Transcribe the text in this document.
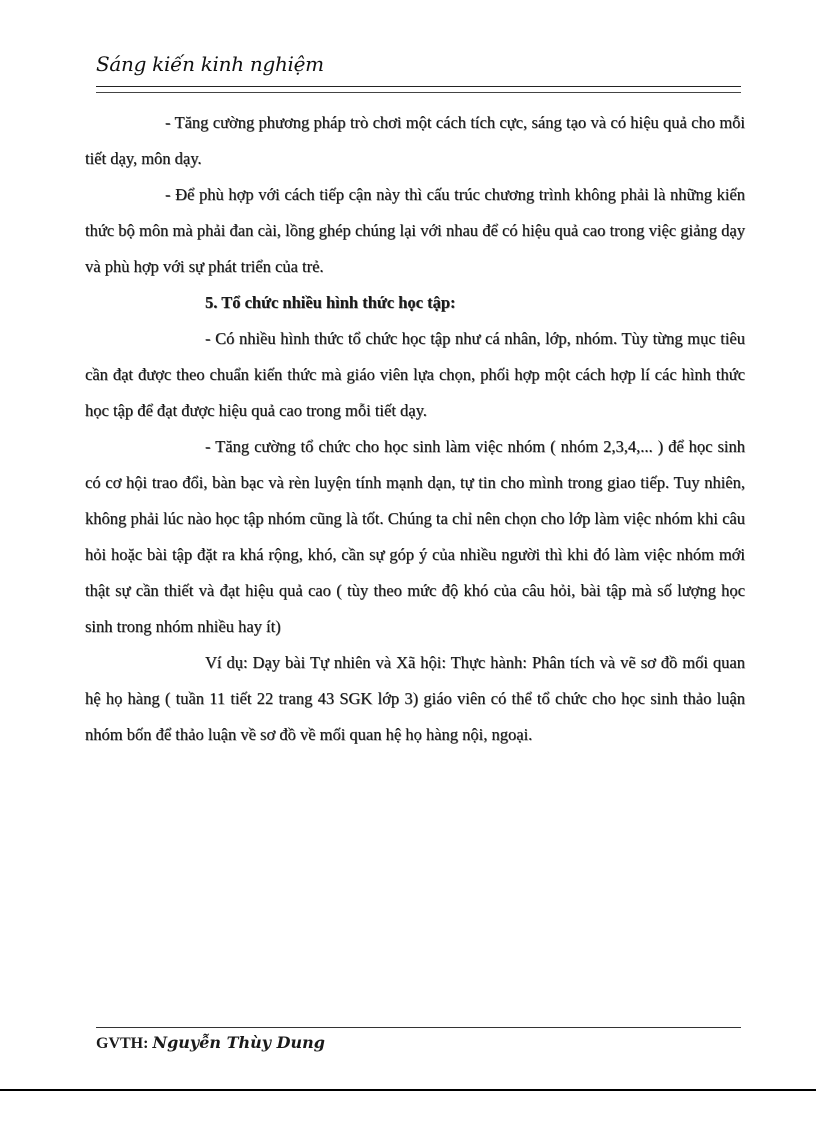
Sáng kiến kinh nghiệm

- Tăng cường phương pháp trò chơi một cách tích cực, sáng tạo và có hiệu quả cho mỗi tiết dạy, môn dạy.

- Để phù hợp với cách tiếp cận này thì cấu trúc chương trình không phải là những kiến thức bộ môn mà phải đan cài, lồng ghép chúng lại với nhau để có hiệu quả cao trong việc giảng dạy và phù hợp với sự phát triển của trẻ.

5. Tổ chức nhiều hình thức học tập:

- Có nhiều hình thức tổ chức học tập như cá nhân, lớp, nhóm. Tùy từng mục tiêu cần đạt được theo chuẩn kiến thức mà giáo viên lựa chọn, phối hợp một cách hợp lí các hình thức học tập để đạt được hiệu quả cao trong mỗi tiết dạy.

- Tăng cường tổ chức cho học sinh làm việc nhóm ( nhóm 2,3,4,... ) để học sinh có cơ hội trao đổi, bàn bạc và rèn luyện tính mạnh dạn, tự tin cho mình trong giao tiếp. Tuy nhiên, không phải lúc nào học tập nhóm cũng là tốt. Chúng ta chỉ nên chọn cho lớp làm việc nhóm khi câu hỏi hoặc bài tập đặt ra khá rộng, khó, cần sự góp ý của nhiều người thì khi đó làm việc nhóm mới thật sự cần thiết và đạt hiệu quả cao ( tùy theo mức độ khó của câu hỏi, bài tập mà số lượng học sinh trong nhóm nhiều hay ít)

Ví dụ: Dạy bài Tự nhiên và Xã hội: Thực hành: Phân tích và vẽ sơ đồ mối quan hệ họ hàng ( tuần 11 tiết 22 trang 43 SGK lớp 3) giáo viên có thể tổ chức cho học sinh thảo luận nhóm bốn để thảo luận về sơ đồ về mối quan hệ họ hàng nội, ngoại.

GVTH: Nguyễn Thùy Dung
